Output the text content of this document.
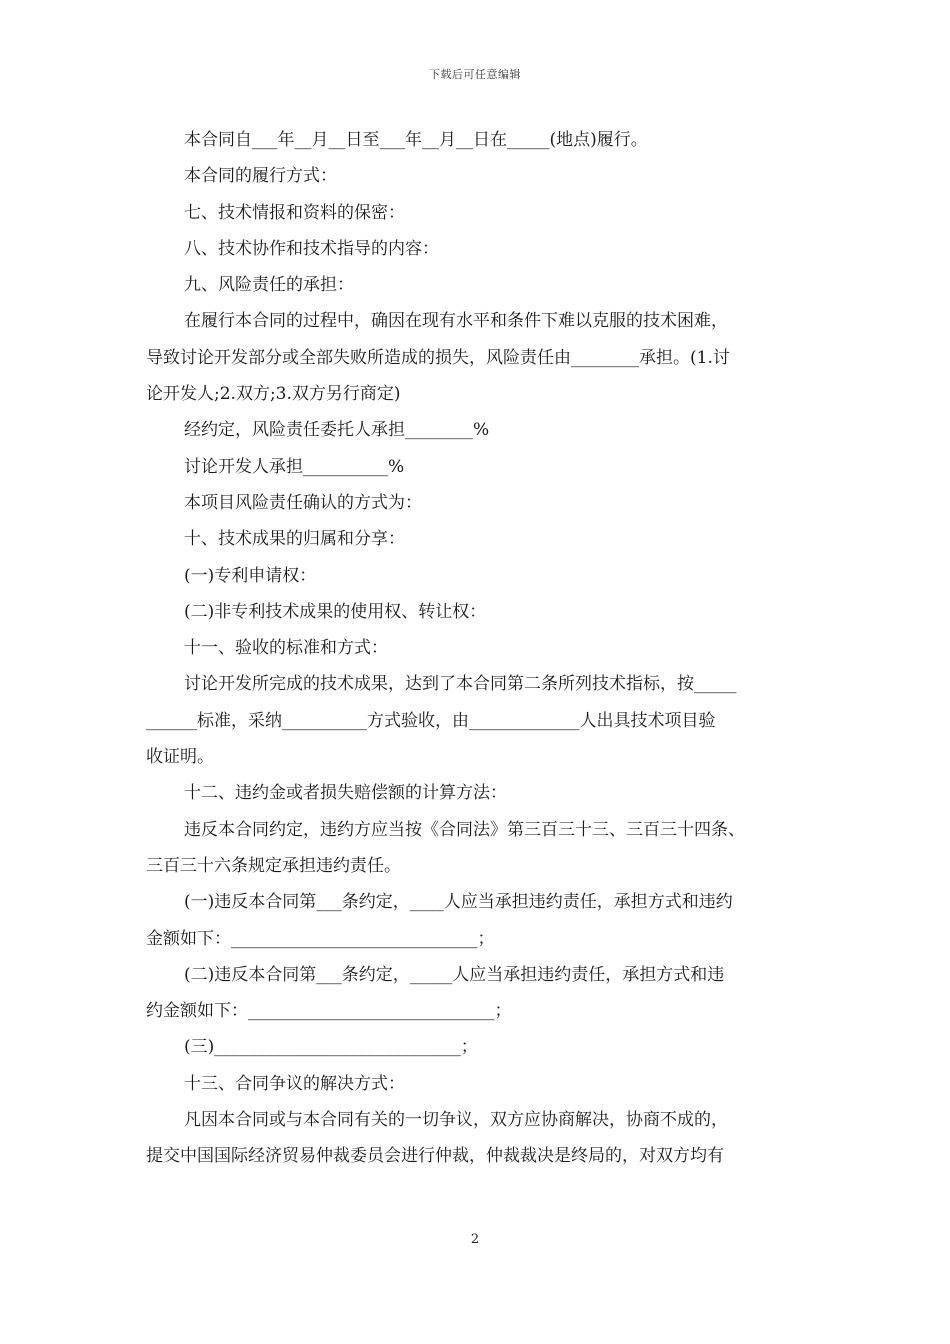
下载后可任意编辑
本合同自___年__月__日至___年__月__日在_____(地点)履行。
本合同的履行方式：
七、技术情报和资料的保密：
八、技术协作和技术指导的内容：
九、风险责任的承担：
在履行本合同的过程中，确因在现有水平和条件下难以克服的技术困难，
导致讨论开发部分或全部失败所造成的损失，风险责任由________承担。(1.讨
论开发人;2.双方;3.双方另行商定)
经约定，风险责任委托人承担________%
讨论开发人承担__________%
本项目风险责任确认的方式为：
十、技术成果的归属和分享：
(一)专利申请权：
(二)非专利技术成果的使用权、转让权：
十一、验收的标准和方式：
讨论开发所完成的技术成果，达到了本合同第二条所列技术指标，按_____
______标准，采纳__________方式验收，由_____________人出具技术项目验
收证明。
十二、违约金或者损失赔偿额的计算方法：
违反本合同约定，违约方应当按《合同法》第三百三十三、三百三十四条、
三百三十六条规定承担违约责任。
(一)违反本合同第___条约定，____人应当承担违约责任，承担方式和违约
金额如下：_____________________________；
(二)违反本合同第___条约定，_____人应当承担违约责任，承担方式和违
约金额如下：_____________________________；
(三)_____________________________；
十三、合同争议的解决方式：
凡因本合同或与本合同有关的一切争议，双方应协商解决，协商不成的，
提交中国国际经济贸易仲裁委员会进行仲裁，仲裁裁决是终局的，对双方均有
2
